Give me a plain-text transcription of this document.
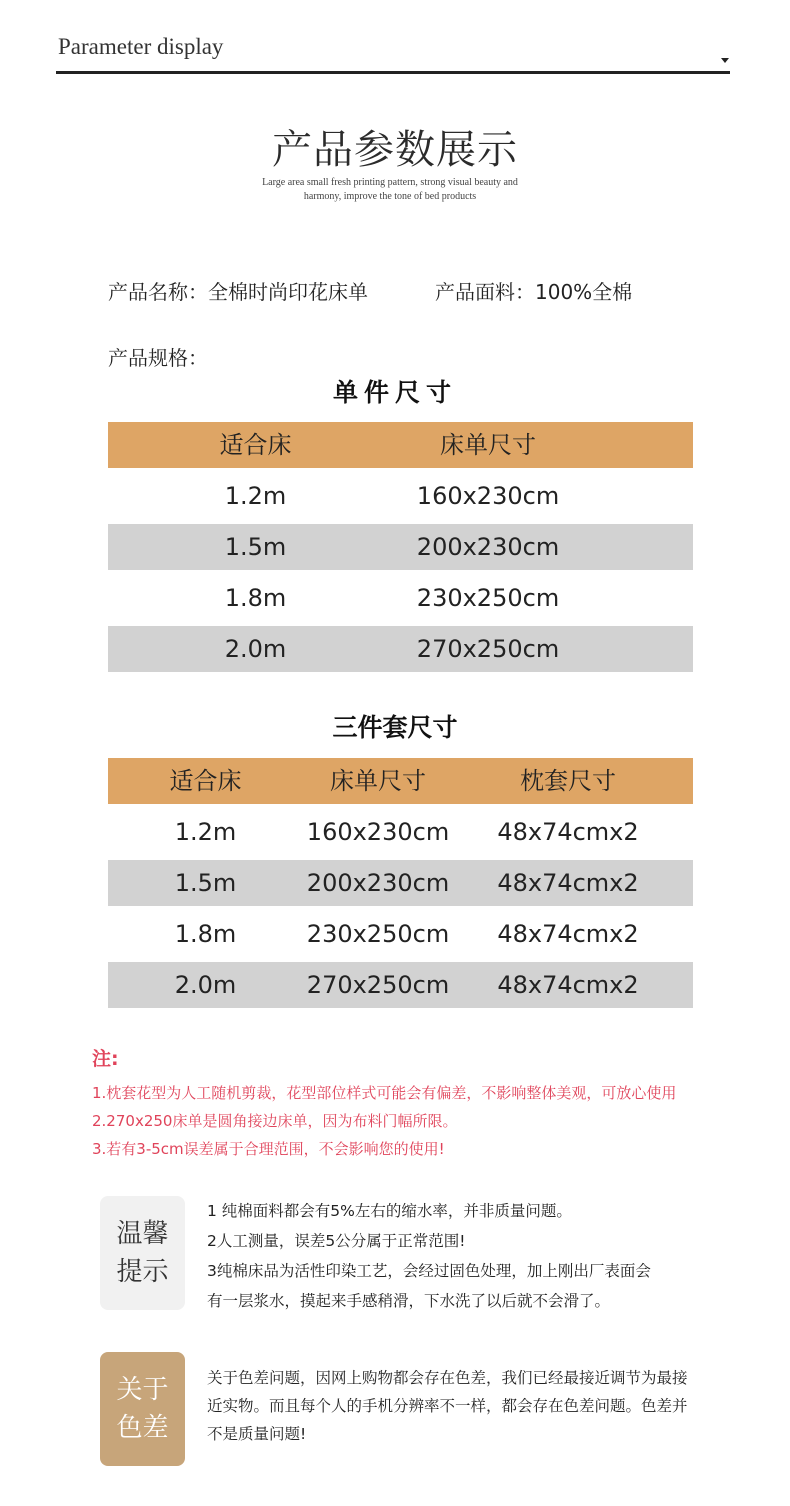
Parameter display
产品参数展示
Large area small fresh printing pattern, strong visual beauty and
harmony, improve the tone of bed products
产品名称：全棉时尚印花床单	产品面料：100%全棉
产品规格：
单件尺寸
适合床	床单尺寸
1.2m	160x230cm
1.5m	200x230cm
1.8m	230x250cm
2.0m	270x250cm
三件套尺寸
适合床	床单尺寸	枕套尺寸
1.2m	160x230cm	48x74cmx2
1.5m	200x230cm	48x74cmx2
1.8m	230x250cm	48x74cmx2
2.0m	270x250cm	48x74cmx2
注:
1.枕套花型为人工随机剪裁，花型部位样式可能会有偏差，不影响整体美观，可放心使用
2.270x250床单是圆角接边床单，因为布料门幅所限。
3.若有3-5cm误差属于合理范围，不会影响您的使用!
温馨
提示
1 纯棉面料都会有5%左右的缩水率，并非质量问题。
2人工测量，误差5公分属于正常范围!
3纯棉床品为活性印染工艺，会经过固色处理，加上刚出厂表面会
有一层浆水，摸起来手感稍滑，下水洗了以后就不会滑了。
关于
色差
关于色差问题，因网上购物都会存在色差，我们已经最接近调节为最接
近实物。而且每个人的手机分辨率不一样，都会存在色差问题。色差并
不是质量问题!
